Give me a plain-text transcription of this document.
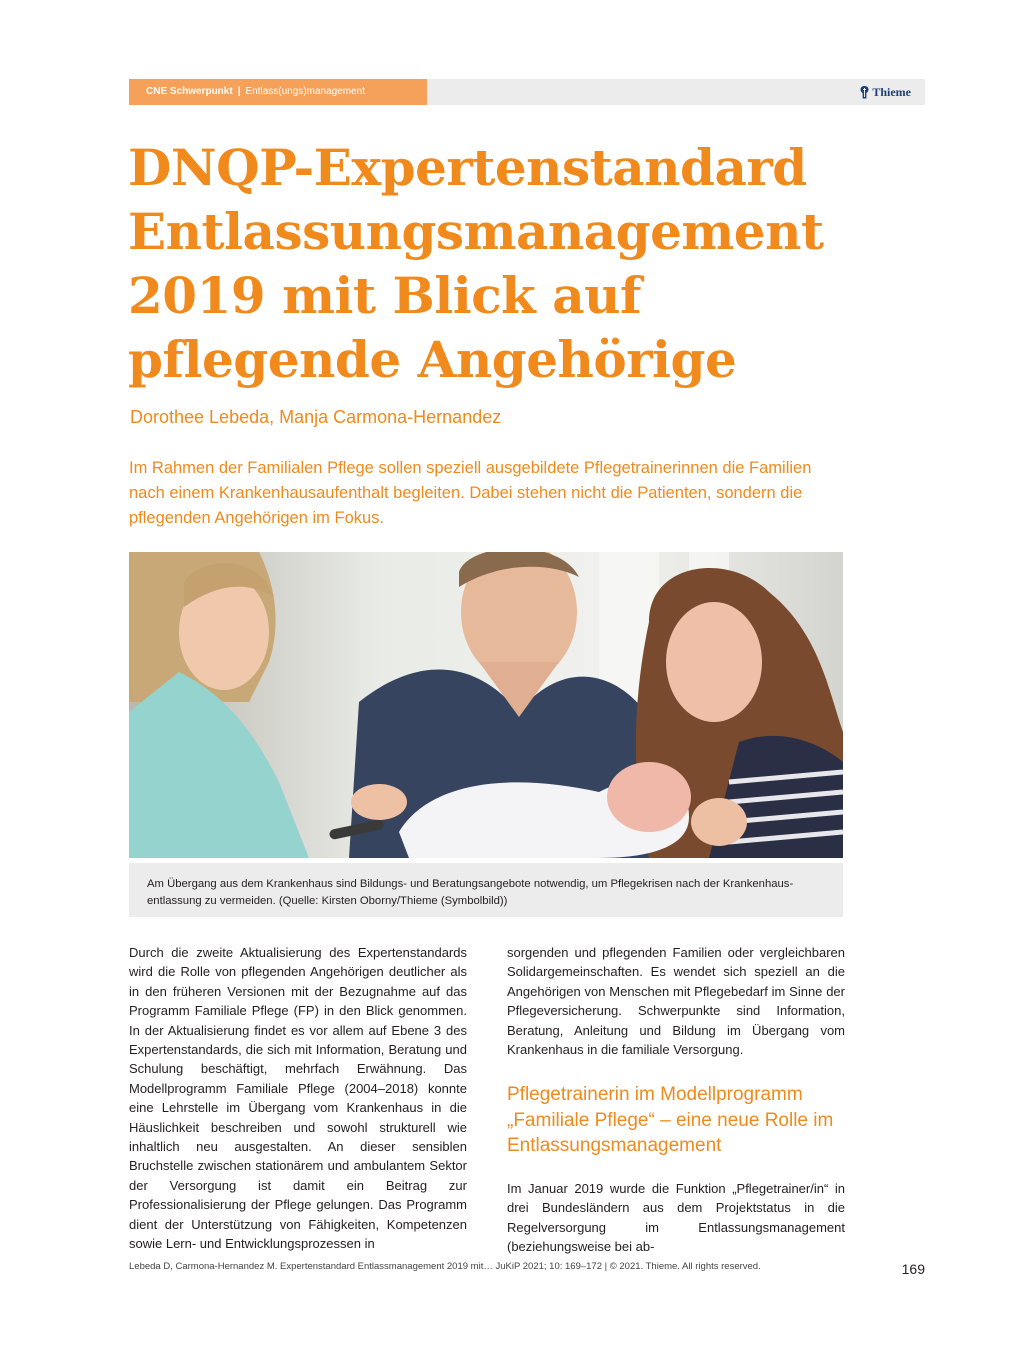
CNE Schwerpunkt | Entlass(ungs)management	Thieme
DNQP-Expertenstandard Entlassungsmanagement 2019 mit Blick auf pflegende Angehörige

Dorothee Lebeda, Manja Carmona-Hernandez

Im Rahmen der Familialen Pflege sollen speziell ausgebildete Pflegetrainerinnen die Familien nach einem Krankenhausaufenthalt begleiten. Dabei stehen nicht die Patienten, sondern die pflegenden Angehörigen im Fokus.

Am Übergang aus dem Krankenhaus sind Bildungs- und Beratungsangebote notwendig, um Pflegekrisen nach der Krankenhaus-entlassung zu vermeiden. (Quelle: Kirsten Oborny/Thieme (Symbolbild))

Durch die zweite Aktualisierung des Expertenstandards wird die Rolle von pflegenden Angehörigen deutlicher als in den früheren Versionen mit der Bezugnahme auf das Programm Familiale Pflege (FP) in den Blick genommen. In der Aktualisierung findet es vor allem auf Ebene 3 des Expertenstandards, die sich mit Information, Beratung und Schulung beschäftigt, mehrfach Erwähnung. Das Modellprogramm Familiale Pflege (2004–2018) konnte eine Lehrstelle im Übergang vom Krankenhaus in die Häuslichkeit beschreiben und sowohl strukturell wie inhaltlich neu ausgestalten. An dieser sensiblen Bruchstelle zwischen stationärem und ambulantem Sektor der Versorgung ist damit ein Beitrag zur Professionalisierung der Pflege gelungen. Das Programm dient der Unterstützung von Fähigkeiten, Kompetenzen sowie Lern- und Entwicklungsprozessen in

sorgenden und pflegenden Familien oder vergleichbaren Solidargemeinschaften. Es wendet sich speziell an die Angehörigen von Menschen mit Pflegebedarf im Sinne der Pflegeversicherung. Schwerpunkte sind Information, Beratung, Anleitung und Bildung im Übergang vom Krankenhaus in die familiale Versorgung.

Pflegetrainerin im Modellprogramm „Familiale Pflege“ – eine neue Rolle im Entlassungsmanagement

Im Januar 2019 wurde die Funktion „Pflegetrainer/in“ in drei Bundesländern aus dem Projektstatus in die Regelversorgung im Entlassungsmanagement (beziehungsweise bei ab-

Lebeda D, Carmona-Hernandez M. Expertenstandard Entlassmanagement 2019 mit… JuKiP 2021; 10: 169–172 | © 2021. Thieme. All rights reserved.	169
